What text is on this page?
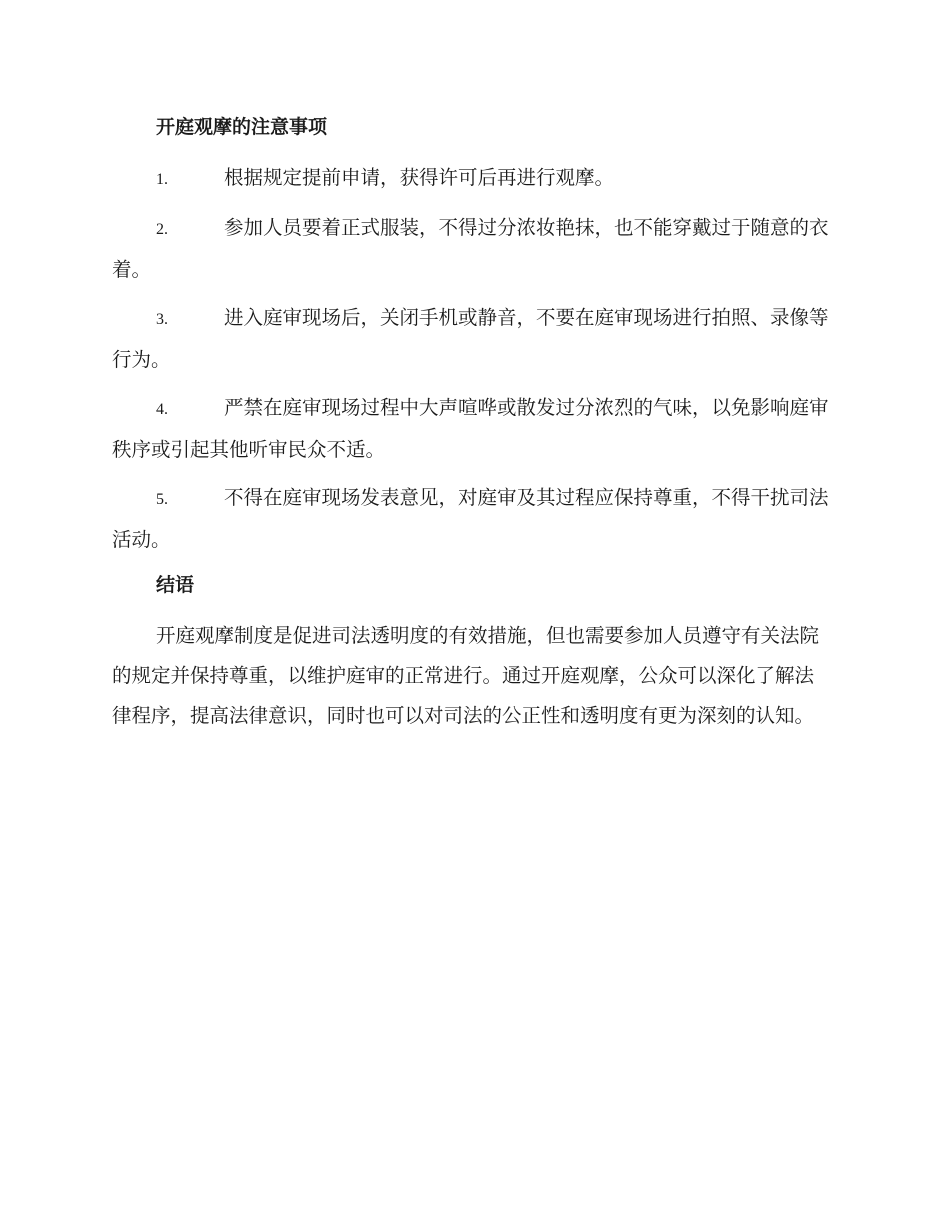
开庭观摩的注意事项

1.	根据规定提前申请，获得许可后再进行观摩。

2.	参加人员要着正式服装，不得过分浓妆艳抹，也不能穿戴过于随意的衣着。

3.	进入庭审现场后，关闭手机或静音，不要在庭审现场进行拍照、录像等行为。

4.	严禁在庭审现场过程中大声喧哗或散发过分浓烈的气味，以免影响庭审秩序或引起其他听审民众不适。

5.	不得在庭审现场发表意见，对庭审及其过程应保持尊重，不得干扰司法活动。

结语

开庭观摩制度是促进司法透明度的有效措施，但也需要参加人员遵守有关法院的规定并保持尊重，以维护庭审的正常进行。通过开庭观摩，公众可以深化了解法律程序，提高法律意识，同时也可以对司法的公正性和透明度有更为深刻的认知。
